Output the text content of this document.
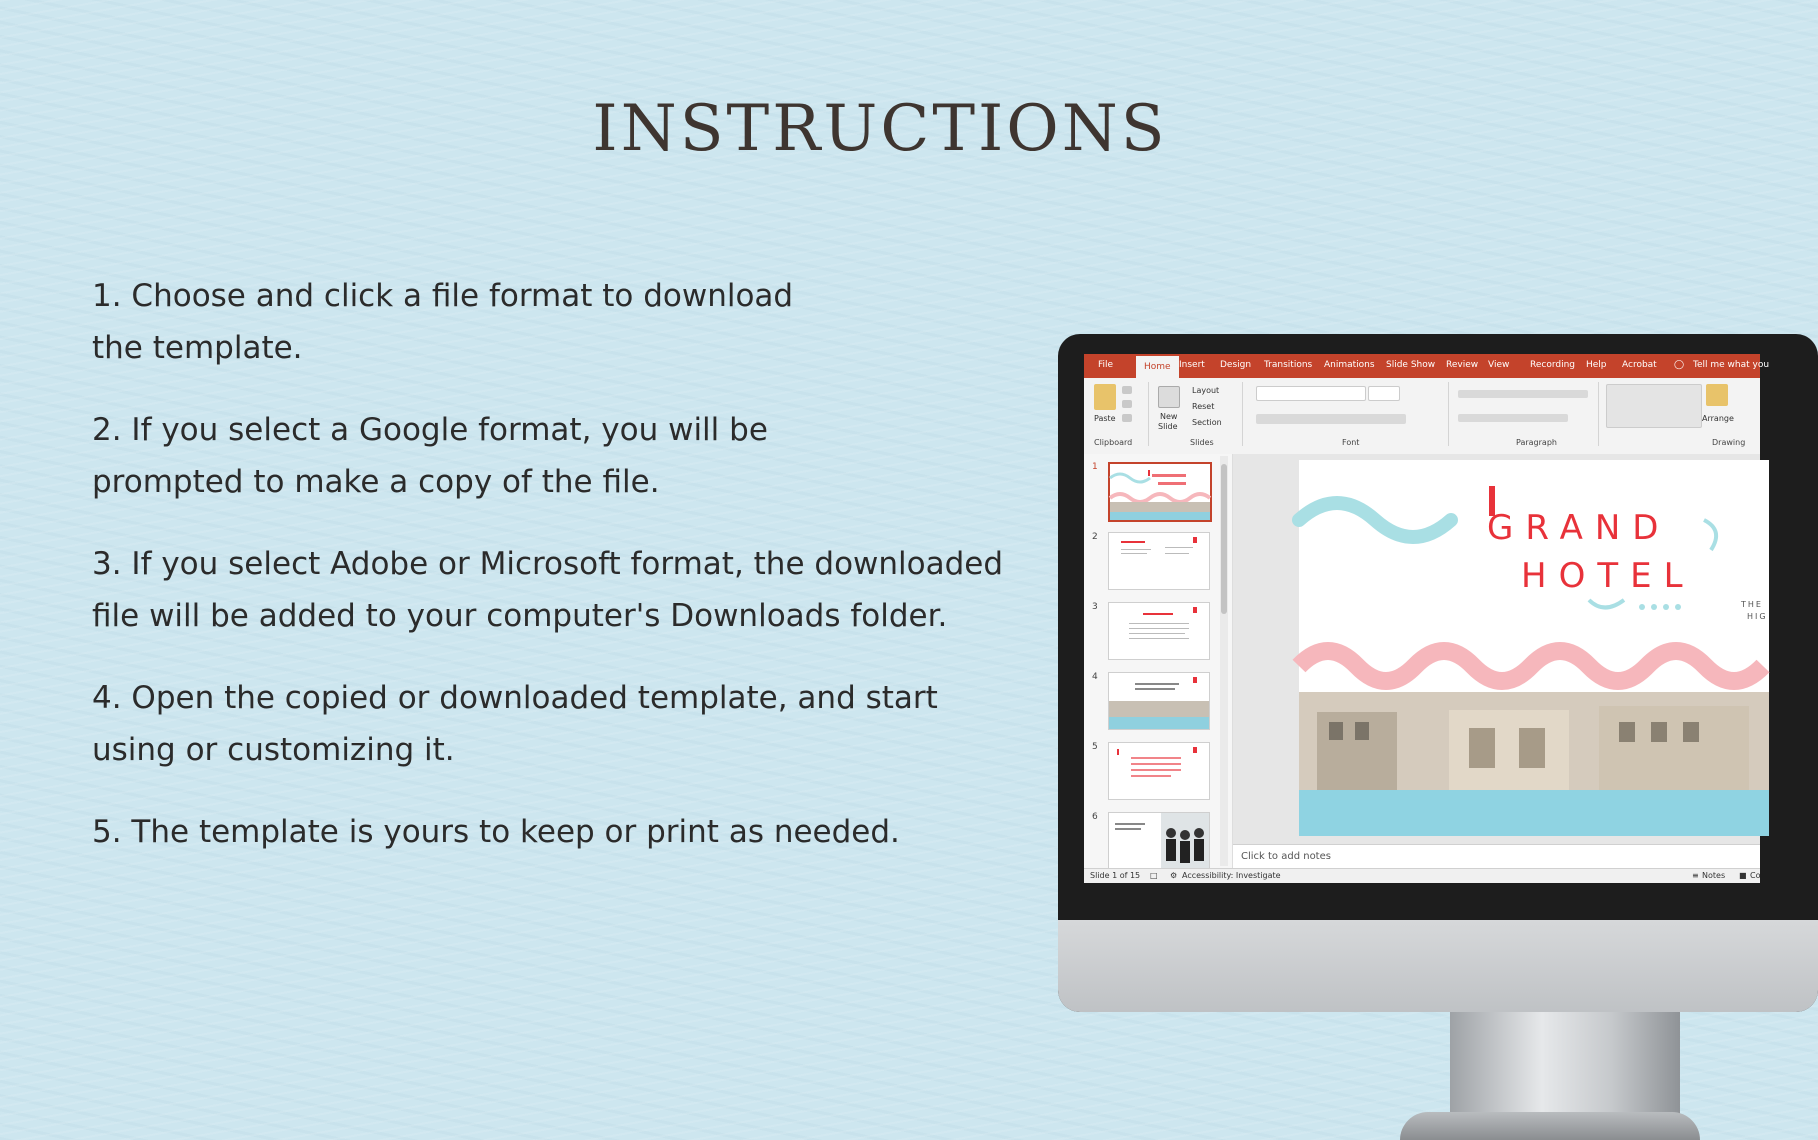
INSTRUCTIONS
1. Choose and click a file format to download the template.
2. If you select a Google format, you will be prompted to make a copy of the file.
3. If you select Adobe or Microsoft format, the downloaded file will be added to your computer's Downloads folder.
4. Open the copied or downloaded template, and start using or customizing it.
5. The template is yours to keep or print as needed.
File	Home Insert Design Transitions Animations Slide Show Review View Recording Help Acrobat ◯ Tell me what you
Paste
Clipboard
New
Slide
Layout
Reset
Section
Slides	Font	Paragraph
Arrange
Drawing
1
2
3
4
5
6
GRAND
HOTEL
THE
HIG
Click to add notes
Slide 1 of 15 □ ⚙ Accessibility: Investigate	≡ Notes ■ Co
